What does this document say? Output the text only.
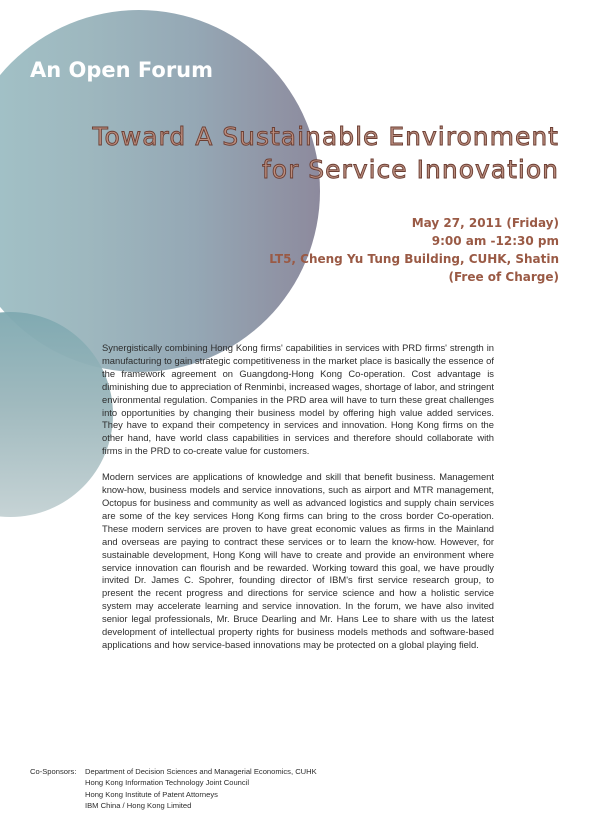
An Open Forum
Toward A Sustainable Environment
for Service Innovation
May 27, 2011 (Friday)
9:00 am -12:30 pm
LT5, Cheng Yu Tung Building, CUHK, Shatin
(Free of Charge)

Synergistically combining Hong Kong firms' capabilities in services with PRD firms' strength in manufacturing to gain strategic competitiveness in the market place is basically the essence of the framework agreement on Guangdong-Hong Kong Co-operation. Cost advantage is diminishing due to appreciation of Renminbi, increased wages, shortage of labor, and stringent environmental regulation. Companies in the PRD area will have to turn these great challenges into opportunities by changing their business model by offering high value added services. They have to expand their competency in services and innovation. Hong Kong firms on the other hand, have world class capabilities in services and therefore should collaborate with firms in the PRD to co-create value for customers.

Modern services are applications of knowledge and skill that benefit business. Management know-how, business models and service innovations, such as airport and MTR management, Octopus for business and community as well as advanced logistics and supply chain services are some of the key services Hong Kong firms can bring to the cross border Co-operation. These modern services are proven to have great economic values as firms in the Mainland and overseas are paying to contract these services or to learn the know-how. However, for sustainable development, Hong Kong will have to create and provide an environment where service innovation can flourish and be rewarded. Working toward this goal, we have proudly invited Dr. James C. Spohrer, founding director of IBM's first service research group, to present the recent progress and directions for service science and how a holistic service system may accelerate learning and service innovation. In the forum, we have also invited senior legal professionals, Mr. Bruce Dearling and Mr. Hans Lee to share with us the latest development of intellectual property rights for business models methods and software-based applications and how service-based innovations may be protected on a global playing field.

Co-Sponsors:	Department of Decision Sciences and Managerial Economics, CUHK
Hong Kong Information Technology Joint Council
Hong Kong Institute of Patent Attorneys
IBM China / Hong Kong Limited
